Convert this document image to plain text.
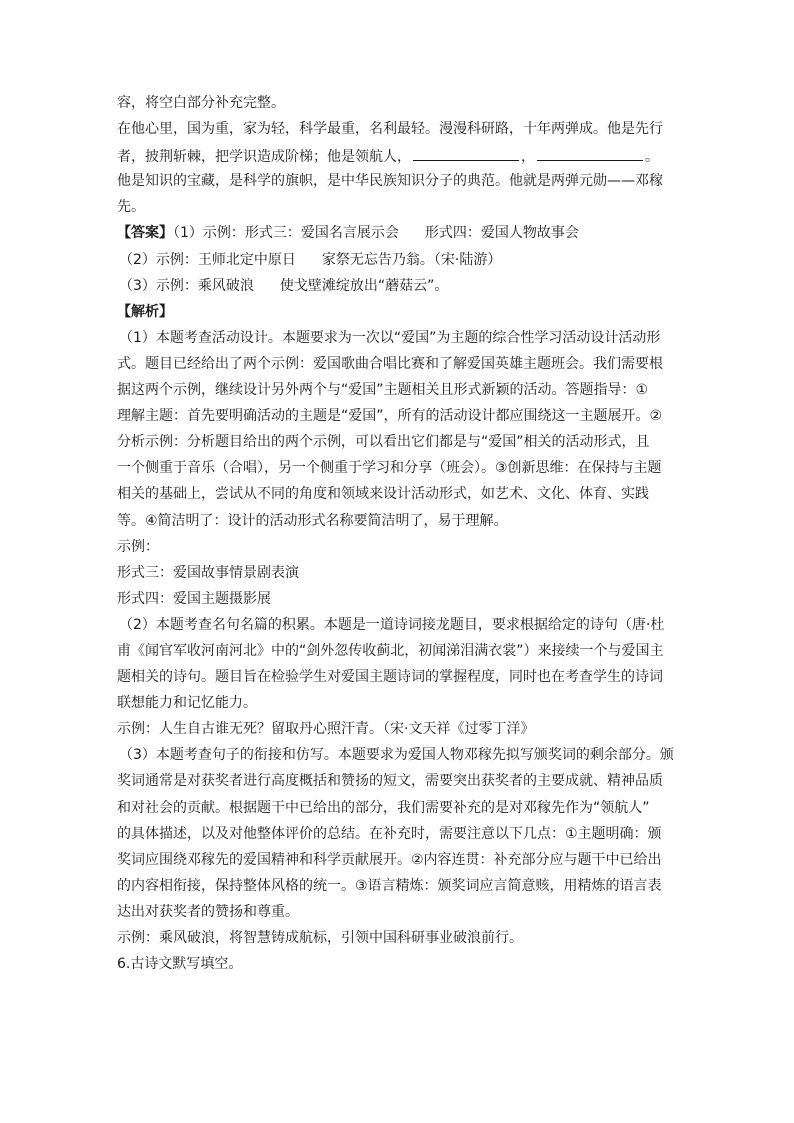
容，将空白部分补充完整。
在他心里，国为重，家为轻，科学最重，名利最轻。漫漫科研路，十年两弹成。他是先行
者，披荆斩棘，把学识造成阶梯；他是领航人，	，	。
他是知识的宝藏，是科学的旗帜，是中华民族知识分子的典范。他就是两弹元勋——邓稼
先。
【答案】（1）示例：形式三：爱国名言展示会 形式四：爱国人物故事会
（2）示例：王师北定中原日 家祭无忘告乃翁。（宋·陆游）
（3）示例：乘风破浪 使戈壁滩绽放出“蘑菇云”。
【解析】
（1）本题考查活动设计。本题要求为一次以“爱国”为主题的综合性学习活动设计活动形
式。题目已经给出了两个示例：爱国歌曲合唱比赛和了解爱国英雄主题班会。我们需要根
据这两个示例，继续设计另外两个与“爱国”主题相关且形式新颖的活动。答题指导：①
理解主题：首先要明确活动的主题是“爱国”，所有的活动设计都应围绕这一主题展开。②
分析示例：分析题目给出的两个示例，可以看出它们都是与“爱国”相关的活动形式，且
一个侧重于音乐（合唱），另一个侧重于学习和分享（班会）。③创新思维：在保持与主题
相关的基础上，尝试从不同的角度和领域来设计活动形式，如艺术、文化、体育、实践
等。④简洁明了：设计的活动形式名称要简洁明了，易于理解。
示例：
形式三：爱国故事情景剧表演
形式四：爱国主题摄影展
（2）本题考查名句名篇的积累。本题是一道诗词接龙题目，要求根据给定的诗句（唐·杜
甫《闻官军收河南河北》中的“剑外忽传收蓟北，初闻涕泪满衣裳”）来接续一个与爱国主
题相关的诗句。题目旨在检验学生对爱国主题诗词的掌握程度，同时也在考查学生的诗词
联想能力和记忆能力。
示例：人生自古谁无死？留取丹心照汗青。（宋·文天祥《过零丁洋》
（3）本题考查句子的衔接和仿写。本题要求为爱国人物邓稼先拟写颁奖词的剩余部分。颁
奖词通常是对获奖者进行高度概括和赞扬的短文，需要突出获奖者的主要成就、精神品质
和对社会的贡献。根据题干中已给出的部分，我们需要补充的是对邓稼先作为“领航人”
的具体描述，以及对他整体评价的总结。在补充时，需要注意以下几点：①主题明确：颁
奖词应围绕邓稼先的爱国精神和科学贡献展开。②内容连贯：补充部分应与题干中已给出
的内容相衔接，保持整体风格的统一。③语言精炼：颁奖词应言简意赅，用精炼的语言表
达出对获奖者的赞扬和尊重。
示例：乘风破浪，将智慧铸成航标，引领中国科研事业破浪前行。
6.古诗文默写填空。
